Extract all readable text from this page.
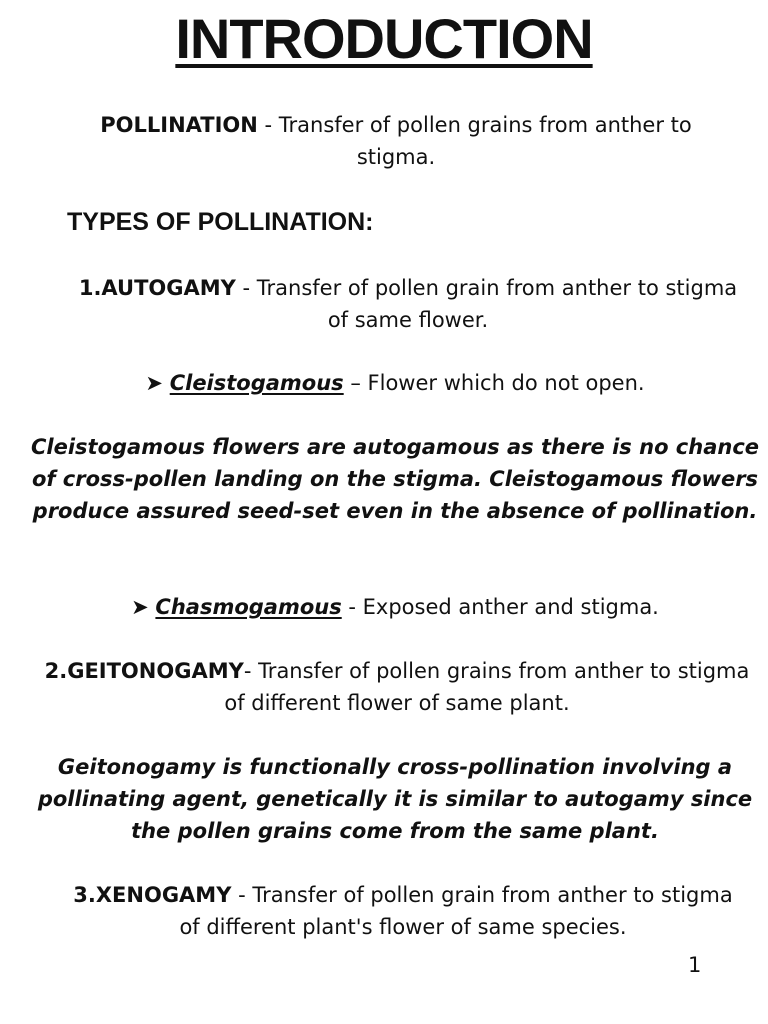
INTRODUCTION

POLLINATION - Transfer of pollen grains from anther to stigma.

TYPES OF POLLINATION:

1.AUTOGAMY - Transfer of pollen grain from anther to stigma of same flower.

➤ Cleistogamous – Flower which do not open.

Cleistogamous flowers are autogamous as there is no chance of cross-pollen landing on the stigma. Cleistogamous flowers produce assured seed-set even in the absence of pollination.

➤ Chasmogamous - Exposed anther and stigma.

2.GEITONOGAMY- Transfer of pollen grains from anther to stigma of different flower of same plant.

Geitonogamy is functionally cross-pollination involving a pollinating agent, genetically it is similar to autogamy since the pollen grains come from the same plant.

3.XENOGAMY - Transfer of pollen grain from anther to stigma of different plant's flower of same species.

1
